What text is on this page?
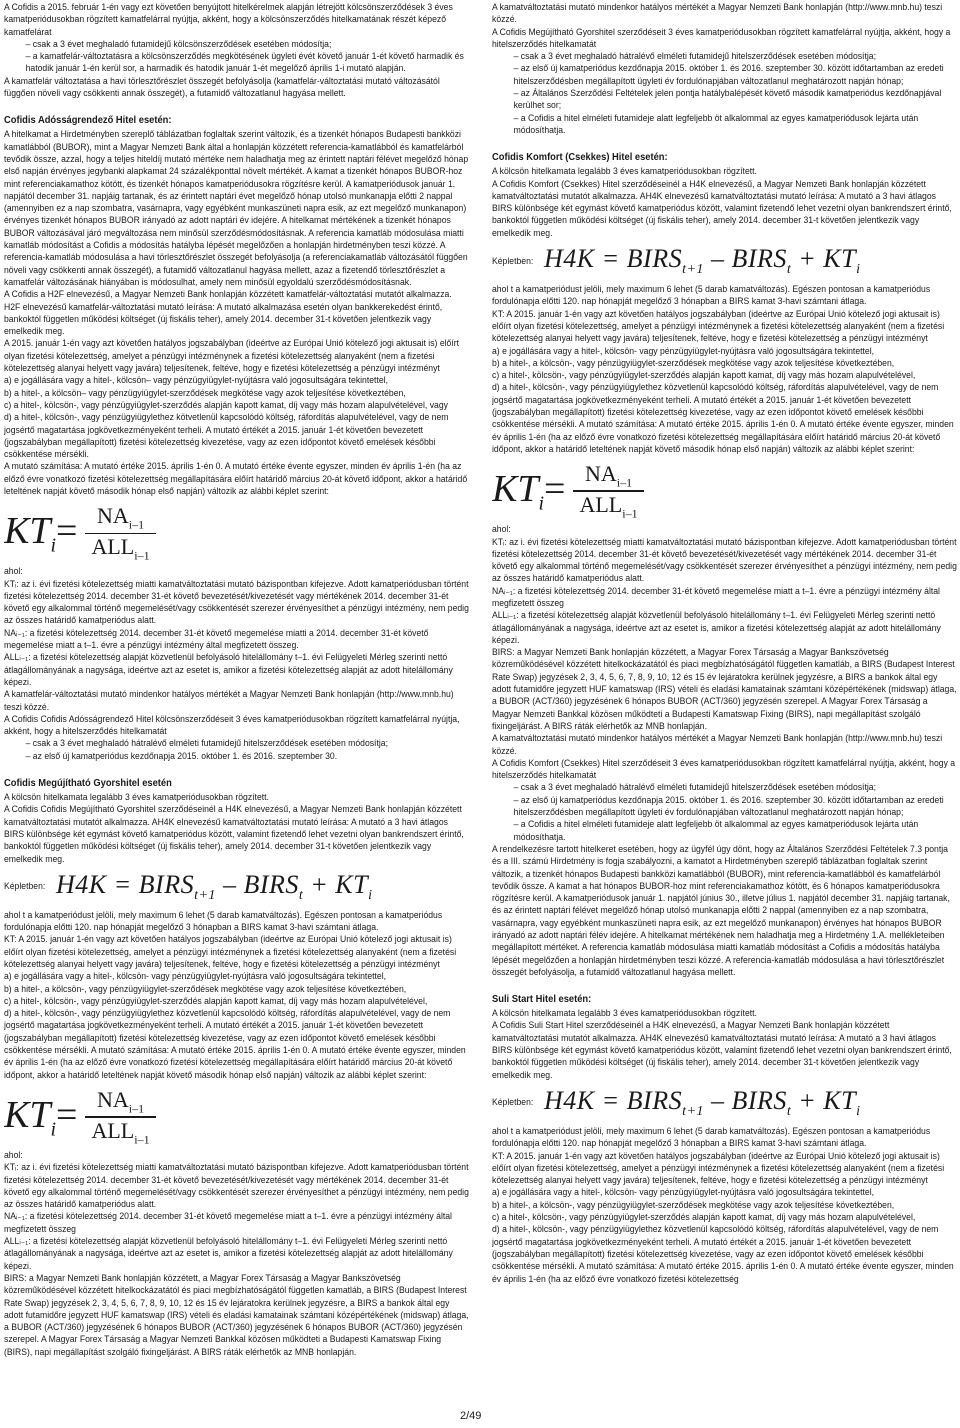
A Cofidis a 2015. február 1-én vagy ezt követően benyújtott hitelkérelmek alapján létrejött kölcsönszerződések 3 éves kamatperiódusokban rögzített kamatfelárral nyújtja, akként, hogy a kölcsönszerződés hitelkamatának részét képező kamatfelárat

– csak a 3 évet meghaladó futamidejű kölcsönszerződések esetében módosítja;

– a kamatfelár-változtatásra a kölcsönszerződés megkötésének ügyleti évét követő január 1-ét követő harmadik és hatodik január 1-én kerül sor, a harmadik és hatodik január 1-ét megelőző április 1-i mutató alapján.

A kamatfelár változtatása a havi törlesztőrészlet összegét befolyásolja (kamatfelár-változtatási mutató változásától függően növeli vagy csökkenti annak összegét), a futamidő változatlanul hagyása mellett.

Cofidis Adósságrendező Hitel esetén:

A hitelkamat a Hirdetményben szereplő táblázatban foglaltak szerint változik, és a tizenkét hónapos Budapesti bankközi kamatlábból (BUBOR), mint a Magyar Nemzeti Bank által a honlapján közzétett referencia-kamatlábból és kamatfelárból tevődik össze, azzal, hogy a teljes hiteldíj mutató mértéke nem haladhatja meg az érintett naptári félévet megelőző hónap első napján érvényes jegybanki alapkamat 24 százalékponttal növelt mértékét. A kamat a tizenkét hónapos BUBOR-hoz mint referenciakamathoz kötött, és tizenkét hónapos kamatperiódusokra rögzítésre kerül. A kamatperiódusok január 1. napjától december 31. napjáig tartanak, és az érintett naptári évet megelőző hónap utolsó munkanapja előtti 2 nappal (amennyiben ez a nap szombatra, vasárnapra, vagy egyébként munkaszüneti napra esik, az ezt megelőző munkanapon) érvényes tizenkét hónapos BUBOR irányadó az adott naptári év idejére. A hitelkamat mértékének a tizenkét hónapos BUBOR változásával járó megváltozása nem minősül szerződésmódosításnak. A referencia kamatláb módosulása miatti kamatláb módosítást a Cofidis a módosítás hatályba lépését megelőzően a honlapján hirdetményben teszi közzé. A referencia-kamatláb módosulása a havi törlesztőrészlet összegét befolyásolja (a referenciakamatláb változásától függően növeli vagy csökkenti annak összegét), a futamidő változatlanul hagyása mellett, azaz a fizetendő törlesztőrészlet a kamatfelár változásának hiányában is módosulhat, amely nem minősül egyoldalú szerződésmódosításnak.

A Cofidis a H2F elnevezésű, a Magyar Nemzeti Bank honlapján közzétett kamatfelár-változtatási mutatót alkalmazza. H2F elnevezésű kamatfelár-változtatási mutató leírása: A mutató alkalmazása esetén olyan bankkerekedést érintő, bankoktól független működési költséget (új fiskális teher), amely 2014. december 31-t követően jelentkezik vagy emelkedik meg.

A 2015. január 1-én vagy azt követően hatályos jogszabályban (ideértve az Európai Unió kötelező jogi aktusait is) előírt olyan fizetési kötelezettség, amelyet a pénzügyi intézménynek a fizetési kötelezettség alanyaként (nem a fizetési kötelezettség alanyai helyett vagy javára) teljesítenek, feltéve, hogy e fizetési kötelezettség a pénzügyi intézményt

a) e jogállására vagy a hitel-, kölcsön– vagy pénzügyiügylet-nyújtásra való jogosultságára tekintettel,

b) a hitel-, a kölcsön– vagy pénzügyiügylet-szerződések megkötése vagy azok teljesítése következtében,

c) a hitel-, kölcsön-, vagy pénzügyiügylet-szerződés alapján kapott kamat, díj vagy más hozam alapulvételével, vagy

d) a hitel-, kölcsön-, vagy pénzügyiügylethez kötvetlenül kapcsolódó költség, ráfordítás alapulvételével, vagy de nem jogsértő magatartása jogkövetkezményeként terheli. A mutató értékét a 2015. január 1-ét követően bevezetett (jogszabályban megállapított) fizetési kötelezettség kivezetése, vagy az ezen időpontot követő emelések későbbi csökkentése mérsékli.

A mutató számítása: A mutató értéke 2015. április 1-én 0. A mutató értéke évente egyszer, minden év április 1-én (ha az előző évre vonatkozó fizetési kötelezettség megállapítására előírt határidő március 20-át követő időpont, akkor a határidő leteltének napját követő második hónap első napján) változik az alábbi képlet szerint:

$KT_i= \frac{NA_{i-1}}{ALL_{i-1}}$

ahol:

KTᵢ: az i. évi fizetési kötelezettség miatti kamatváltoztatási mutató bázispontban kifejezve. Adott kamatperiódusban történt fizetési kötelezettség 2014. december 31-ét követő bevezetését/kivezetését vagy mértékének 2014. december 31-ét követő egy alkalommal történő megemelését/vagy csökkentését szerezer érvényesíthet a pénzügyi intézmény, nem pedig az összes határidő kamatperiódus alatt.

NAᵢ₋₁: a fizetési kötelezettség 2014. december 31-ét követő megemelése miatti a 2014. december 31-ét követő megemelése miatt a t–1. évre a pénzügyi intézmény által megfizetett összeg.

ALLᵢ₋₁: a fizetési kötelezettség alapját közvetlenül befolyásoló hitelállomány t–1. évi Felügyeleti Mérleg szerinti nettó átlagállományának a nagysága, ideértve azt az esetet is, amikor a fizetési kötelezettség alapját az adott hitelállomány képezi.

A kamatfelár-változtatási mutató mindenkor hatályos mértékét a Magyar Nemzeti Bank honlapján (http://www.mnb.hu) teszi közzé.

A Cofidis Cofidis Adósságrendező Hitel kölcsönszerződéseit 3 éves kamatperiódusokban rögzített kamatfelárral nyújtja, akként, hogy a hitelszerződés hitelkamatát

– csak a 3 évet meghaladó hátralévő elméleti futamidejű hitelszerződések esetében módosítja;

– az első új kamatperiódus kezdőnapja 2015. október 1. és 2016. szeptember 30.

Cofidis Megújítható Gyorshitel esetén

A kölcsön hitelkamata legalább 3 éves kamatperiódusokban rögzített.

A Cofidis Cofidis Megújítható Gyorshitel szerződéseinél a H4K elnevezésű, a Magyar Nemzeti Bank honlapján közzétett kamatváltoztatási mutatót alkalmazza. AH4K elnevezésű kamatváltoztatási mutató leírása: A mutató a 3 havi átlagos BIRS különbsége két egymást követő kamatperiódus között, valamint fizetendő lehet vezetni olyan bankrendszert érintő, bankoktól független működési költséget (új fiskális teher), amely 2014. december 31-t követően jelentkezik vagy emelkedik meg.

Képletben: $H4K = BIRS_{t+1}$ – $BIRS_t + KT_i$

ahol t a kamatperiódust jelöli, mely maximum 6 lehet (5 darab kamatváltozás). Egészen pontosan a kamatperiódus fordulónapja előtti 120. nap hónapját megelőző 3 hónapban a BIRS kamat 3-havi számtani átlaga.

KT: A 2015. január 1-én vagy azt követően hatályos jogszabályban (ideértve az Európai Unió kötelező jogi aktusait is) előírt olyan fizetési kötelezettség, amelyet a pénzügyi intézménynek a fizetési kötelezettség alanyaként (nem a fizetési kötelezettség alanyai helyett vagy javára) teljesítenek, feltéve, hogy e fizetési kötelezettség a pénzügyi intézményt

a) e jogállására vagy a hitel-, kölcsön- vagy pénzügyiügylet-nyújtásra való jogosultságára tekintettel,

b) a hitel-, a kölcsön-, vagy pénzügyiügylet-szerződések megkötése vagy azok teljesítése következtében,

c) a hitel-, kölcsön-, vagy pénzügyiügylet-szerződés alapján kapott kamat, díj vagy más hozam alapulvételével,

d) a hitel-, kölcsön-, vagy pénzügyiügylethez közvetlenül kapcsolódó költség, ráfordítás alapulvételével, vagy de nem jogsértő magatartása jogkövetkezményeként terheli. A mutató értékét a 2015. január 1-ét követően bevezetett (jogszabályban megállapított) fizetési kötelezettség kivezetése, vagy az ezen időpontot követő emelések későbbi csökkentése mérsékli. A mutató számítása: A mutató értéke 2015. április 1-én 0. A mutató értéke évente egyszer, minden év április 1-én (ha az előző évre vonatkozó fizetési kötelezettség megállapítására előírt határidő március 20-át követő időpont, akkor a határidő leteltének napját követő második hónap első napján) változik az alábbi képlet szerint:

$KT_i= \frac{NA_{i-1}}{ALL_{i-1}}$

ahol:

KTᵢ: az i. évi fizetési kötelezettség miatti kamatváltoztatási mutató bázispontban kifejezve. Adott kamatperiódusban történt fizetési kötelezettség 2014. december 31-ét követő bevezetését/kivezetését vagy mértékének 2014. december 31-ét követő egy alkalommal történő megemelését/vagy csökkentését szerezer érvényesíthet a pénzügyi intézmény, nem pedig az összes határidő kamatperiódus alatt.

NAᵢ₋₁: a fizetési kötelezettség 2014. december 31-ét követő megemelése miatt a t–1. évre a pénzügyi intézmény által megfizetett összeg

ALLᵢ₋₁: a fizetési kötelezettség alapját közvetlenül befolyásoló hitelállomány t–1. évi Felügyeleti Mérleg szerinti nettó átlagállományának a nagysága, ideértve azt az esetet is, amikor a fizetési kötelezettség alapját az adott hitelállomány képezi.

BIRS: a Magyar Nemzeti Bank honlapján közzétett, a Magyar Forex Társaság a Magyar Bankszövetség közreműködésével közzétett hitelkockázatától és piaci megbízhatóságától független kamatláb, a BIRS (Budapest Interest Rate Swap) jegyzések 2, 3, 4, 5, 6, 7, 8, 9, 10, 12 és 15 év lejáratokra kerülnek jegyzésre, a BIRS a bankok által egy adott futamidőre jegyzett HUF kamatswap (IRS) vételi és eladási kamatainak számtani középértékének (midswap) átlaga, a BUBOR (ACT/360) jegyzésének 6 hónapos BUBOR (ACT/360) jegyzésének 6 hónapos BUBOR (ACT/360) jegyzésén szerepel. A Magyar Forex Társaság a Magyar Nemzeti Bankkal közösen működteti a Budapesti Kamatswap Fixing (BIRS), napi megállapítást szolgáló fixingeljárást. A BIRS ráták elérhetők az MNB honlapján.

A kamatváltoztatási mutató mindenkor hatályos mértékét a Magyar Nemzeti Bank honlapján (http://www.mnb.hu) teszi közzé.

A Cofidis Megújítható Gyorshitel szerződéseit 3 éves kamatperiódusokban rögzített kamatfelárral nyújtja, akként, hogy a hitelszerződés hitelkamatát

– csak a 3 évet meghaladó hátralévő elméleti futamidejű hitelszerződések esetében módosítja;

– az első új kamatperiódus kezdőnapja 2015. október 1. és 2016. szeptember 30. között időtartamban az eredeti hitelszerződésben megállapított ügyleti év fordulónapjában változatlanul meghatározott napján hónap;

– az Általános Szerződési Feltételek jelen pontja hatálybalépését követő második kamatperiódus kezdőnapjával kerülhet sor;

– a Cofidis a hitel elméleti futamideje alatt legfeljebb öt alkalommal az egyes kamatperiódusok lejárta után módosíthatja.

Cofidis Komfort (Csekkes) Hitel esetén:

A kölcsön hitelkamata legalább 3 éves kamatperiódusokban rögzített.

A Cofidis Komfort (Csekkes) Hitel szerződéseinél a H4K elnevezésű, a Magyar Nemzeti Bank honlapján közzétett kamatváltoztatási mutatót alkalmazza. AH4K elnevezésű kamatváltoztatási mutató leírása: A mutató a 3 havi átlagos BIRS különbsége két egymást követő kamatperiódus között, valamint fizetendő lehet vezetni olyan bankrendszert érintő, bankoktól független működési költséget (új fiskális teher), amely 2014. december 31-t követően jelentkezik vagy emelkedik meg.

Képletben: $H4K = BIRS_{t+1}$ – $BIRS_t + KT_i$

ahol t a kamatperiódust jelöli, mely maximum 6 lehet (5 darab kamatváltozás). Egészen pontosan a kamatperiódus fordulónapja előtti 120. nap hónapját megelőző 3 hónapban a BIRS kamat 3-havi számtani átlaga.

KT: A 2015. január 1-én vagy azt követően hatályos jogszabályban (ideértve az Európai Unió kötelező jogi aktusait is) előírt olyan fizetési kötelezettség, amelyet a pénzügyi intézménynek a fizetési kötelezettség alanyaként (nem a fizetési kötelezettség alanyai helyett vagy javára) teljesítenek, feltéve, hogy e fizetési kötelezettség a pénzügyi intézményt

a) e jogállására vagy a hitel-, kölcsön- vagy pénzügyiügylet-nyújtásra való jogosultságára tekintettel,

b) a hitel-, a kölcsön-, vagy pénzügyiügylet-szerződések megkötése vagy azok teljesítése következtében,

c) a hitel-, kölcsön-, vagy pénzügyiügylet-szerződés alapján kapott kamat, díj vagy más hozam alapulvételével,

d) a hitel-, kölcsön-, vagy pénzügyiügylethez közvetlenül kapcsolódó költség, ráfordítás alapulvételével, vagy de nem jogsértő magatartása jogkövetkezményeként terheli. A mutató értékét a 2015. január 1-ét követően bevezetett (jogszabályban megállapított) fizetési kötelezettség kivezetése, vagy az ezen időpontot követő emelések későbbi csökkentése mérsékli. A mutató számítása: A mutató értéke 2015. április 1-én 0. A mutató értéke évente egyszer, minden év április 1-én (ha az előző évre vonatkozó fizetési kötelezettség megállapítására előírt határidő március 20-át követő időpont, akkor a határidő leteltének napját követő második hónap első napján) változik az alábbi képlet szerint:

$KT_i= \frac{NA_{i-1}}{ALL_{i-1}}$

ahol:

KTᵢ: az i. évi fizetési kötelezettség miatti kamatváltoztatási mutató bázispontban kifejezve. Adott kamatperiódusban történt fizetési kötelezettség 2014. december 31-ét követő bevezetését/kivezetését vagy mértékének 2014. december 31-ét követő egy alkalommal történő megemelését/vagy csökkentését szerezer érvényesíthet a pénzügyi intézmény, nem pedig az összes határidő kamatperiódus alatt.

NAᵢ₋₁: a fizetési kötelezettség 2014. december 31-ét követő megemelése miatt a t–1. évre a pénzügyi intézmény által megfizetett összeg

ALLᵢ₋₁: a fizetési kötelezettség alapját közvetlenül befolyásoló hitelállomány t–1. évi Felügyeleti Mérleg szerinti nettó átlagállományának a nagysága, ideértve azt az esetet is, amikor a fizetési kötelezettség alapját az adott hitelállomány képezi.

BIRS: a Magyar Nemzeti Bank honlapján közzétett, a Magyar Forex Társaság a Magyar Bankszövetség közreműködésével közzétett hitelkockázatától és piaci megbízhatóságától független kamatláb, a BIRS (Budapest Interest Rate Swap) jegyzések 2, 3, 4, 5, 6, 7, 8, 9, 10, 12 és 15 év lejáratokra kerülnek jegyzésre, a BIRS a bankok által egy adott futamidőre jegyzett HUF kamatswap (IRS) vételi és eladási kamatainak számtani középértékének (midswap) átlaga, a BUBOR (ACT/360) jegyzésének 6 hónapos BUBOR (ACT/360) jegyzésén szerepel. A Magyar Forex Társaság a Magyar Nemzeti Bankkal közösen működteti a Budapesti Kamatswap Fixing (BIRS), napi megállapítást szolgáló fixingeljárást. A BIRS ráták elérhetők az MNB honlapján.

A kamatváltoztatási mutató mindenkor hatályos mértékét a Magyar Nemzeti Bank honlapján (http://www.mnb.hu) teszi közzé.

A Cofidis Komfort (Csekkes) Hitel szerződéseit 3 éves kamatperiódusokban rögzített kamatfelárral nyújtja, akként, hogy a hitelszerződés hitelkamatát

– csak a 3 évet meghaladó hátralévő elméleti futamidejű hitelszerződések esetében módosítja;

– az első új kamatperiódus kezdőnapja 2015. október 1. és 2016. szeptember 30. között időtartamban az eredeti hitelszerződésben megállapított ügyleti év fordulónapjában változatlanul meghatározott napján hónap;

– a Cofidis a hitel elméleti futamideje alatt legfeljebb öt alkalommal az egyes kamatperiódusok lejárta után módosíthatja.

A rendelkezésre tartott hitelkeret esetében, hogy az ügyfél úgy dönt, hogy az Általános Szerződési Feltételek 7.3 pontja és a III. számú Hirdetmény is fogja szabályozni, a kamatot a Hirdetményben szereplő táblázatban foglaltak szerint változik, a tizenkét hónapos Budapesti bankközi kamatlábból (BUBOR), mint referencia-kamatlábból és kamatfelárból tevődik össze. A kamat a hat hónapos BUBOR-hoz mint referenciakamathoz kötött, és 6 hónapos kamatperiódusokra rögzítésre kerül. A kamatperiódusok január 1. napjától június 30., illetve július 1. napjától december 31. napjáig tartanak, és az érintett naptári félévet megelőző hónap utolsó munkanapja előtti 2 nappal (amennyiben ez a nap szombatra, vasárnapra, vagy egyébként munkaszüneti napra esik, az ezt megelőző munkanapon) érvényes hat hónapos BUBOR irányadó az adott naptári félév idejére. A hitelkamat mértékének nem haladhatja meg a Hirdetmény 1.A. mellékleteiben megállapított mértéket. A referencia kamatláb módosulása miatti kamatláb módosítást a Cofidis a módosítás hatályba lépését megelőzően a honlapján hirdetményben teszi közzé. A referencia-kamatláb módosulása a havi törlesztőrészlet összegét befolyásolja, a futamidő változatlanul hagyása mellett.

Suli Start Hitel esetén:

A kölcsön hitelkamata legalább 3 éves kamatperiódusokban rögzített.

A Cofidis Suli Start Hitel szerződéseinél a H4K elnevezésű, a Magyar Nemzeti Bank honlapján közzétett kamatváltoztatási mutatót alkalmazza. AH4K elnevezésű kamatváltoztatási mutató leírása: A mutató a 3 havi átlagos BIRS különbsége két egymást követő kamatperiódus között, valamint fizetendő lehet vezetni olyan bankrendszert érintő, bankoktól független működési költséget (új fiskális teher), amely 2014. december 31-t követően jelentkezik vagy emelkedik meg.

Képletben: $H4K = BIRS_{t+1}$ – $BIRS_t + KT_i$

ahol t a kamatperiódust jelöli, mely maximum 6 lehet (5 darab kamatváltozás). Egészen pontosan a kamatperiódus fordulónapja előtti 120. nap hónapját megelőző 3 hónapban a BIRS kamat 3-havi számtani átlaga.

KT: A 2015. január 1-én vagy azt követően hatályos jogszabályban (ideértve az Európai Unió kötelező jogi aktusait is) előírt olyan fizetési kötelezettség, amelyet a pénzügyi intézménynek a fizetési kötelezettség alanyaként (nem a fizetési kötelezettség alanyai helyett vagy javára) teljesítenek, feltéve, hogy e fizetési kötelezettség a pénzügyi intézményt

a) e jogállására vagy a hitel-, kölcsön- vagy pénzügyiügylet-nyújtásra való jogosultságára tekintettel,

b) a hitel-, a kölcsön-, vagy pénzügyiügylet-szerződések megkötése vagy azok teljesítése következtében,

c) a hitel-, kölcsön-, vagy pénzügyiügylet-szerződés alapján kapott kamat, díj vagy más hozam alapulvételével,

d) a hitel-, kölcsön-, vagy pénzügyiügylethez közvetlenül kapcsolódó költség, ráfordítás alapulvételével, vagy de nem jogsértő magatartása jogkövetkezményeként terheli. A mutató értékét a 2015. január 1-ét követően bevezetett (jogszabályban megállapított) fizetési kötelezettség kivezetése, vagy az ezen időpontot követő emelések későbbi csökkentése mérsékli. A mutató számítása: A mutató értéke 2015. április 1-én 0. A mutató értéke évente egyszer, minden év április 1-én (ha az előző évre vonatkozó fizetési kötelezettség

2/49
